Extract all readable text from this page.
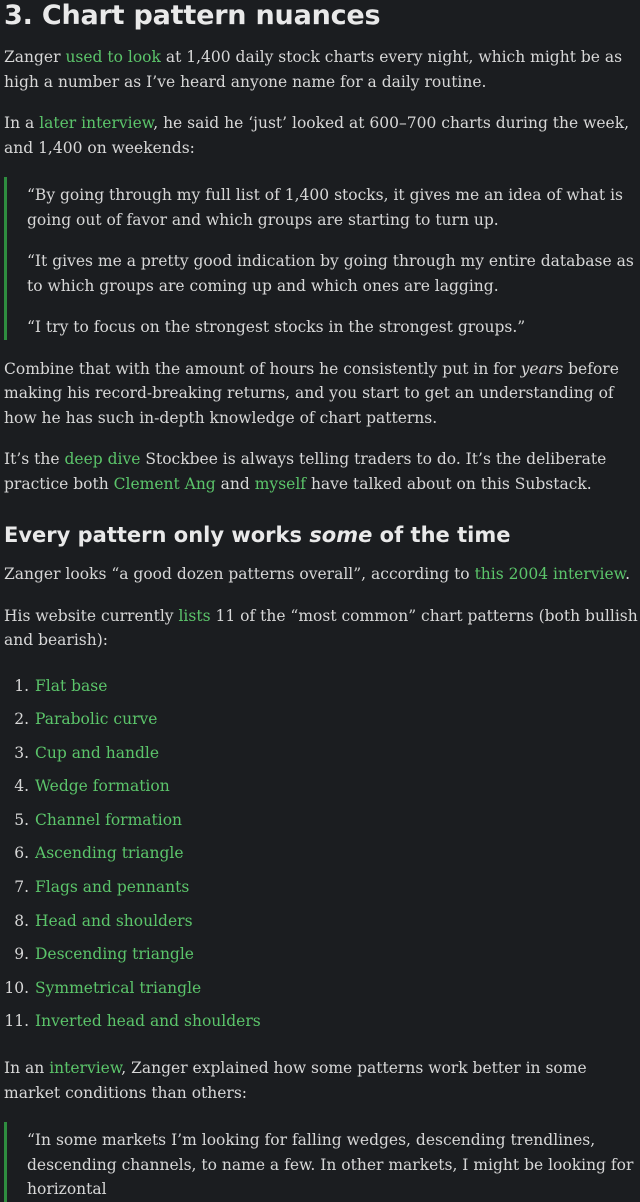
3. Chart pattern nuances

Zanger used to look at 1,400 daily stock charts every night, which might be as high a number as I’ve heard anyone name for a daily routine.

In a later interview, he said he ‘just’ looked at 600–700 charts during the week, and 1,400 on weekends:

“By going through my full list of 1,400 stocks, it gives me an idea of what is going out of favor and which groups are starting to turn up.

“It gives me a pretty good indication by going through my entire database as to which groups are coming up and which ones are lagging.

“I try to focus on the strongest stocks in the strongest groups.”

Combine that with the amount of hours he consistently put in for years before making his record-breaking returns, and you start to get an understanding of how he has such in-depth knowledge of chart patterns.

It’s the deep dive Stockbee is always telling traders to do. It’s the deliberate practice both Clement Ang and myself have talked about on this Substack.

Every pattern only works some of the time

Zanger looks “a good dozen patterns overall”, according to this 2004 interview.

His website currently lists 11 of the “most common” chart patterns (both bullish and bearish):

1. Flat base
2. Parabolic curve
3. Cup and handle
4. Wedge formation
5. Channel formation
6. Ascending triangle
7. Flags and pennants
8. Head and shoulders
9. Descending triangle
10. Symmetrical triangle
11. Inverted head and shoulders

In an interview, Zanger explained how some patterns work better in some market conditions than others:

“In some markets I’m looking for falling wedges, descending trendlines, descending channels, to name a few. In other markets, I might be looking for horizontal
